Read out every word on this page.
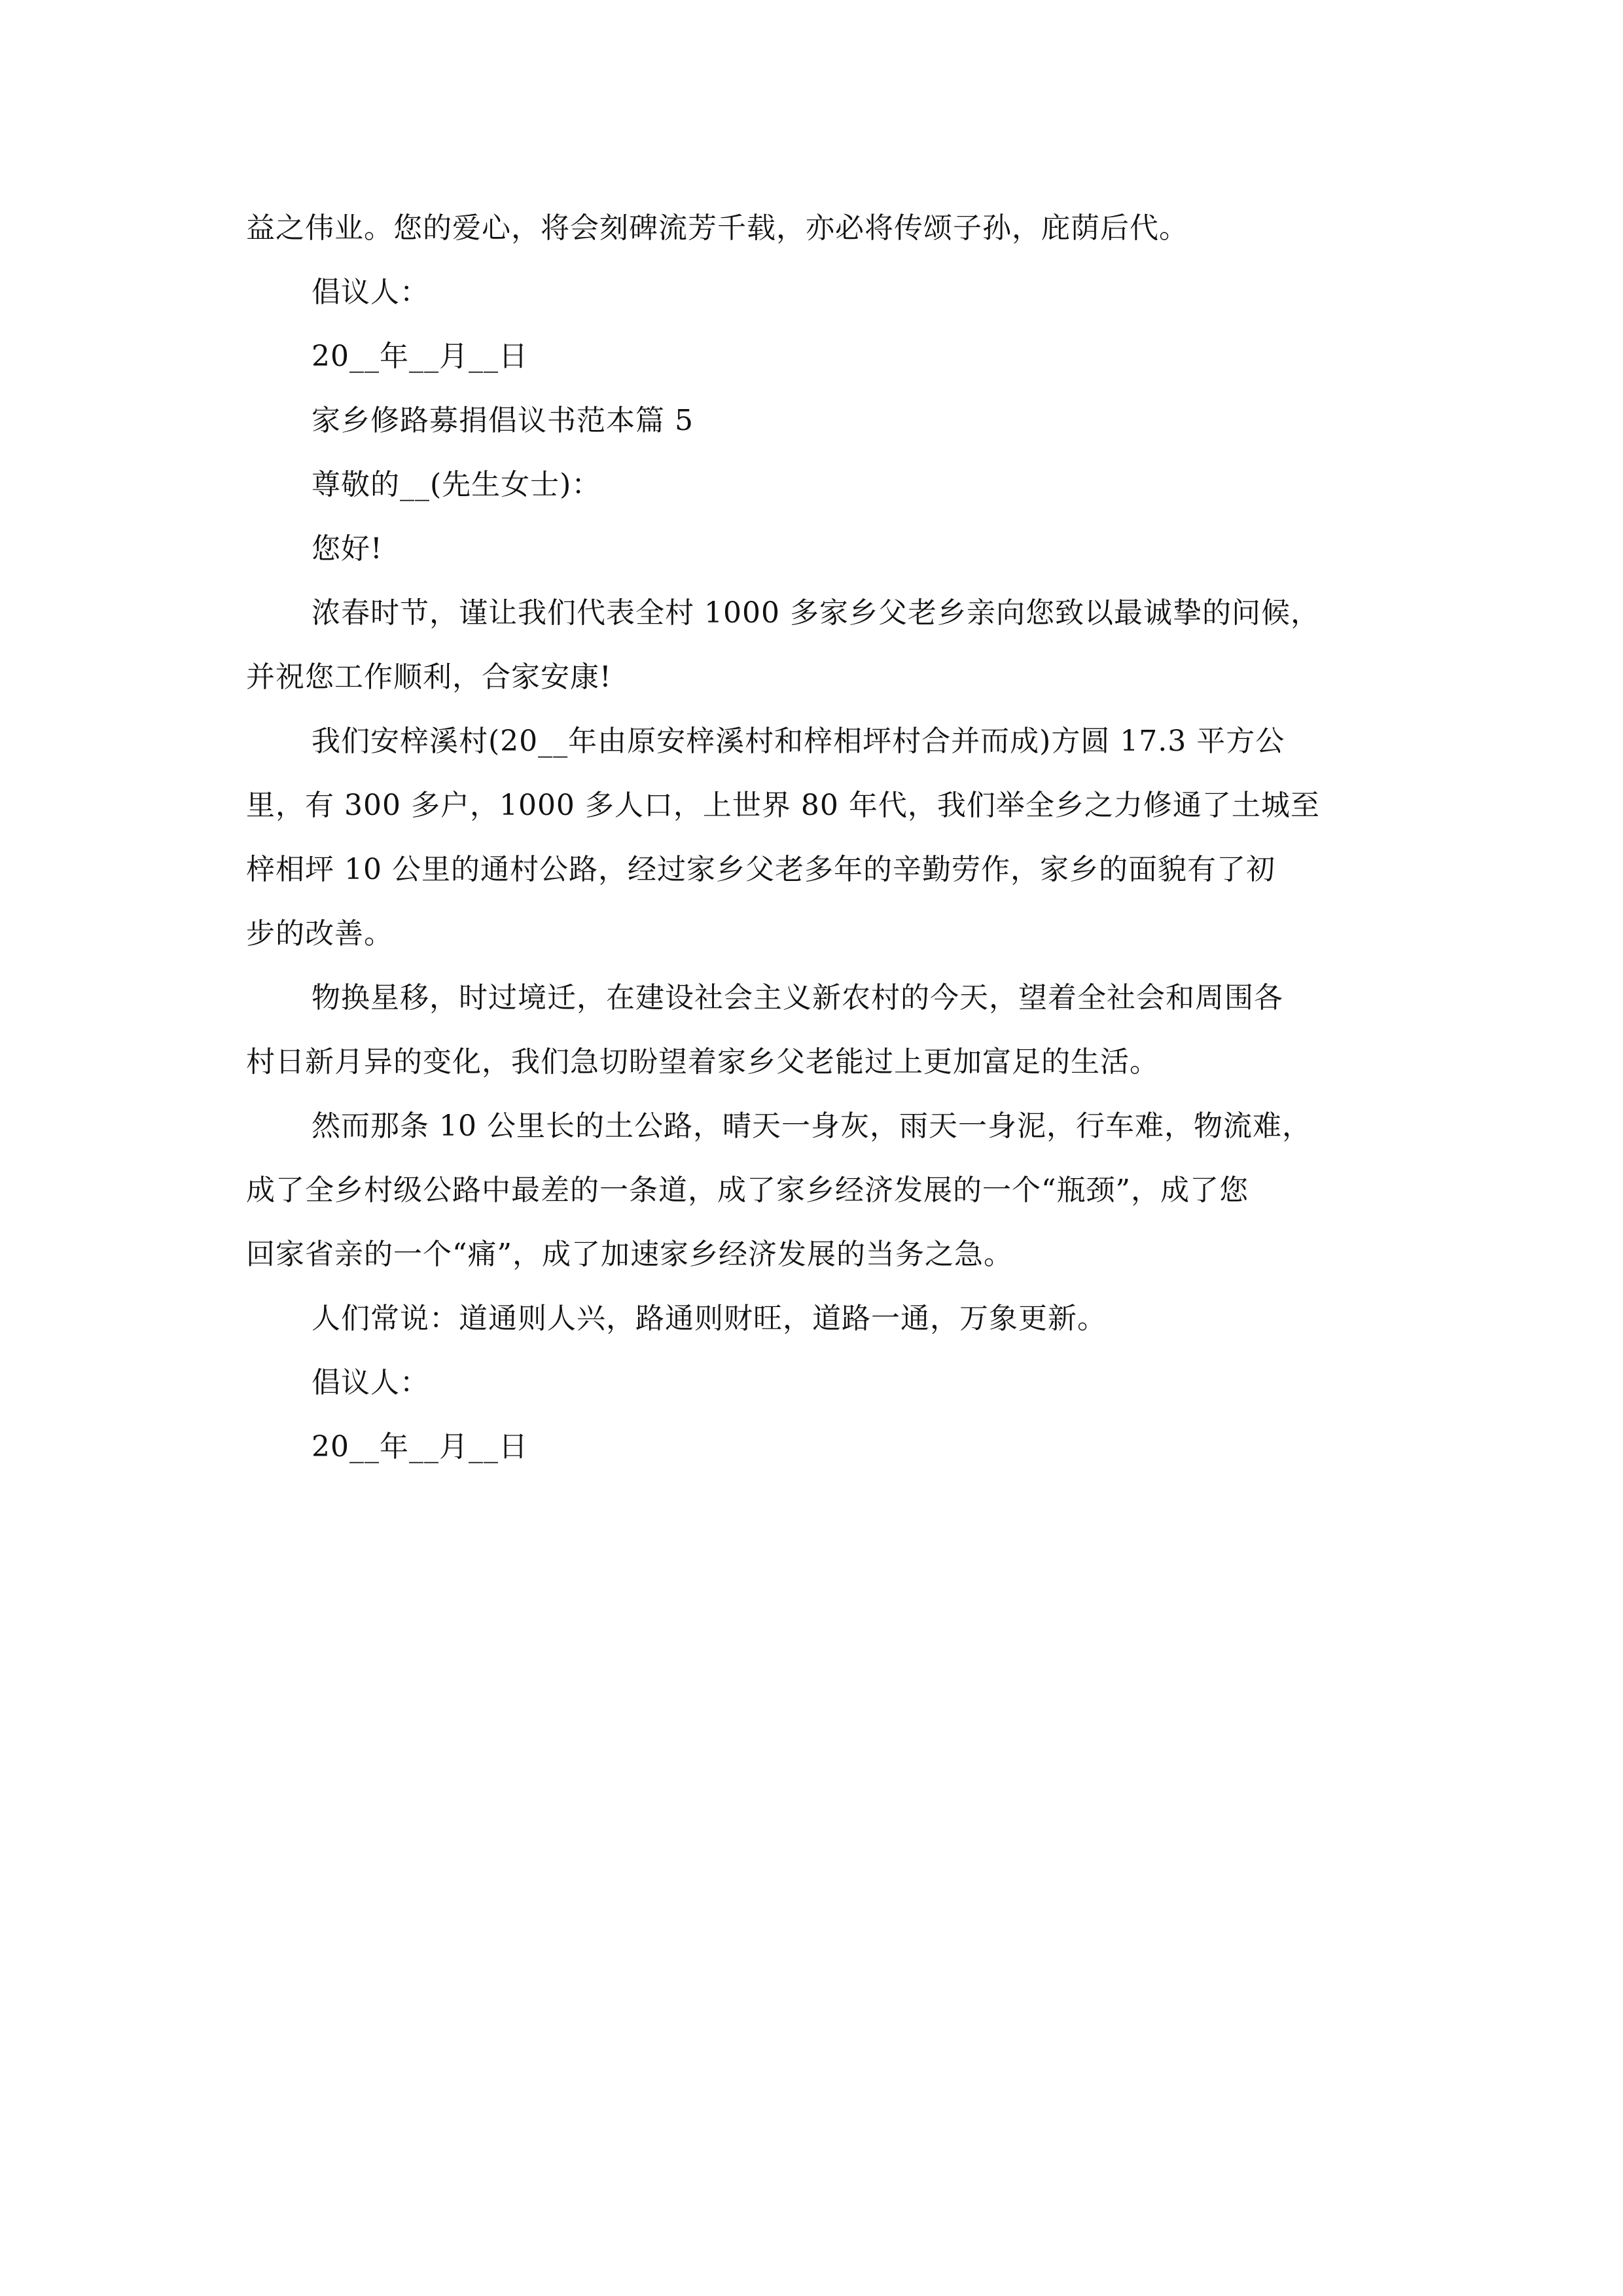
益之伟业。您的爱心，将会刻碑流芳千载，亦必将传颂子孙，庇荫后代。

倡议人：

20__年__月__日

家乡修路募捐倡议书范本篇 5

尊敬的__(先生女士)：

您好!

浓春时节，谨让我们代表全村 1000 多家乡父老乡亲向您致以最诚挚的问候，

并祝您工作顺利，合家安康!

我们安梓溪村(20__年由原安梓溪村和梓相坪村合并而成)方圆 17.3 平方公

里，有 300 多户，1000 多人口，上世界 80 年代，我们举全乡之力修通了土城至

梓相坪 10 公里的通村公路，经过家乡父老多年的辛勤劳作，家乡的面貌有了初

步的改善。

物换星移，时过境迁，在建设社会主义新农村的今天，望着全社会和周围各

村日新月异的变化，我们急切盼望着家乡父老能过上更加富足的生活。

然而那条 10 公里长的土公路，晴天一身灰，雨天一身泥，行车难，物流难，

成了全乡村级公路中最差的一条道，成了家乡经济发展的一个“瓶颈”，成了您

回家省亲的一个“痛”，成了加速家乡经济发展的当务之急。

人们常说：道通则人兴，路通则财旺，道路一通，万象更新。

倡议人：

20__年__月__日
